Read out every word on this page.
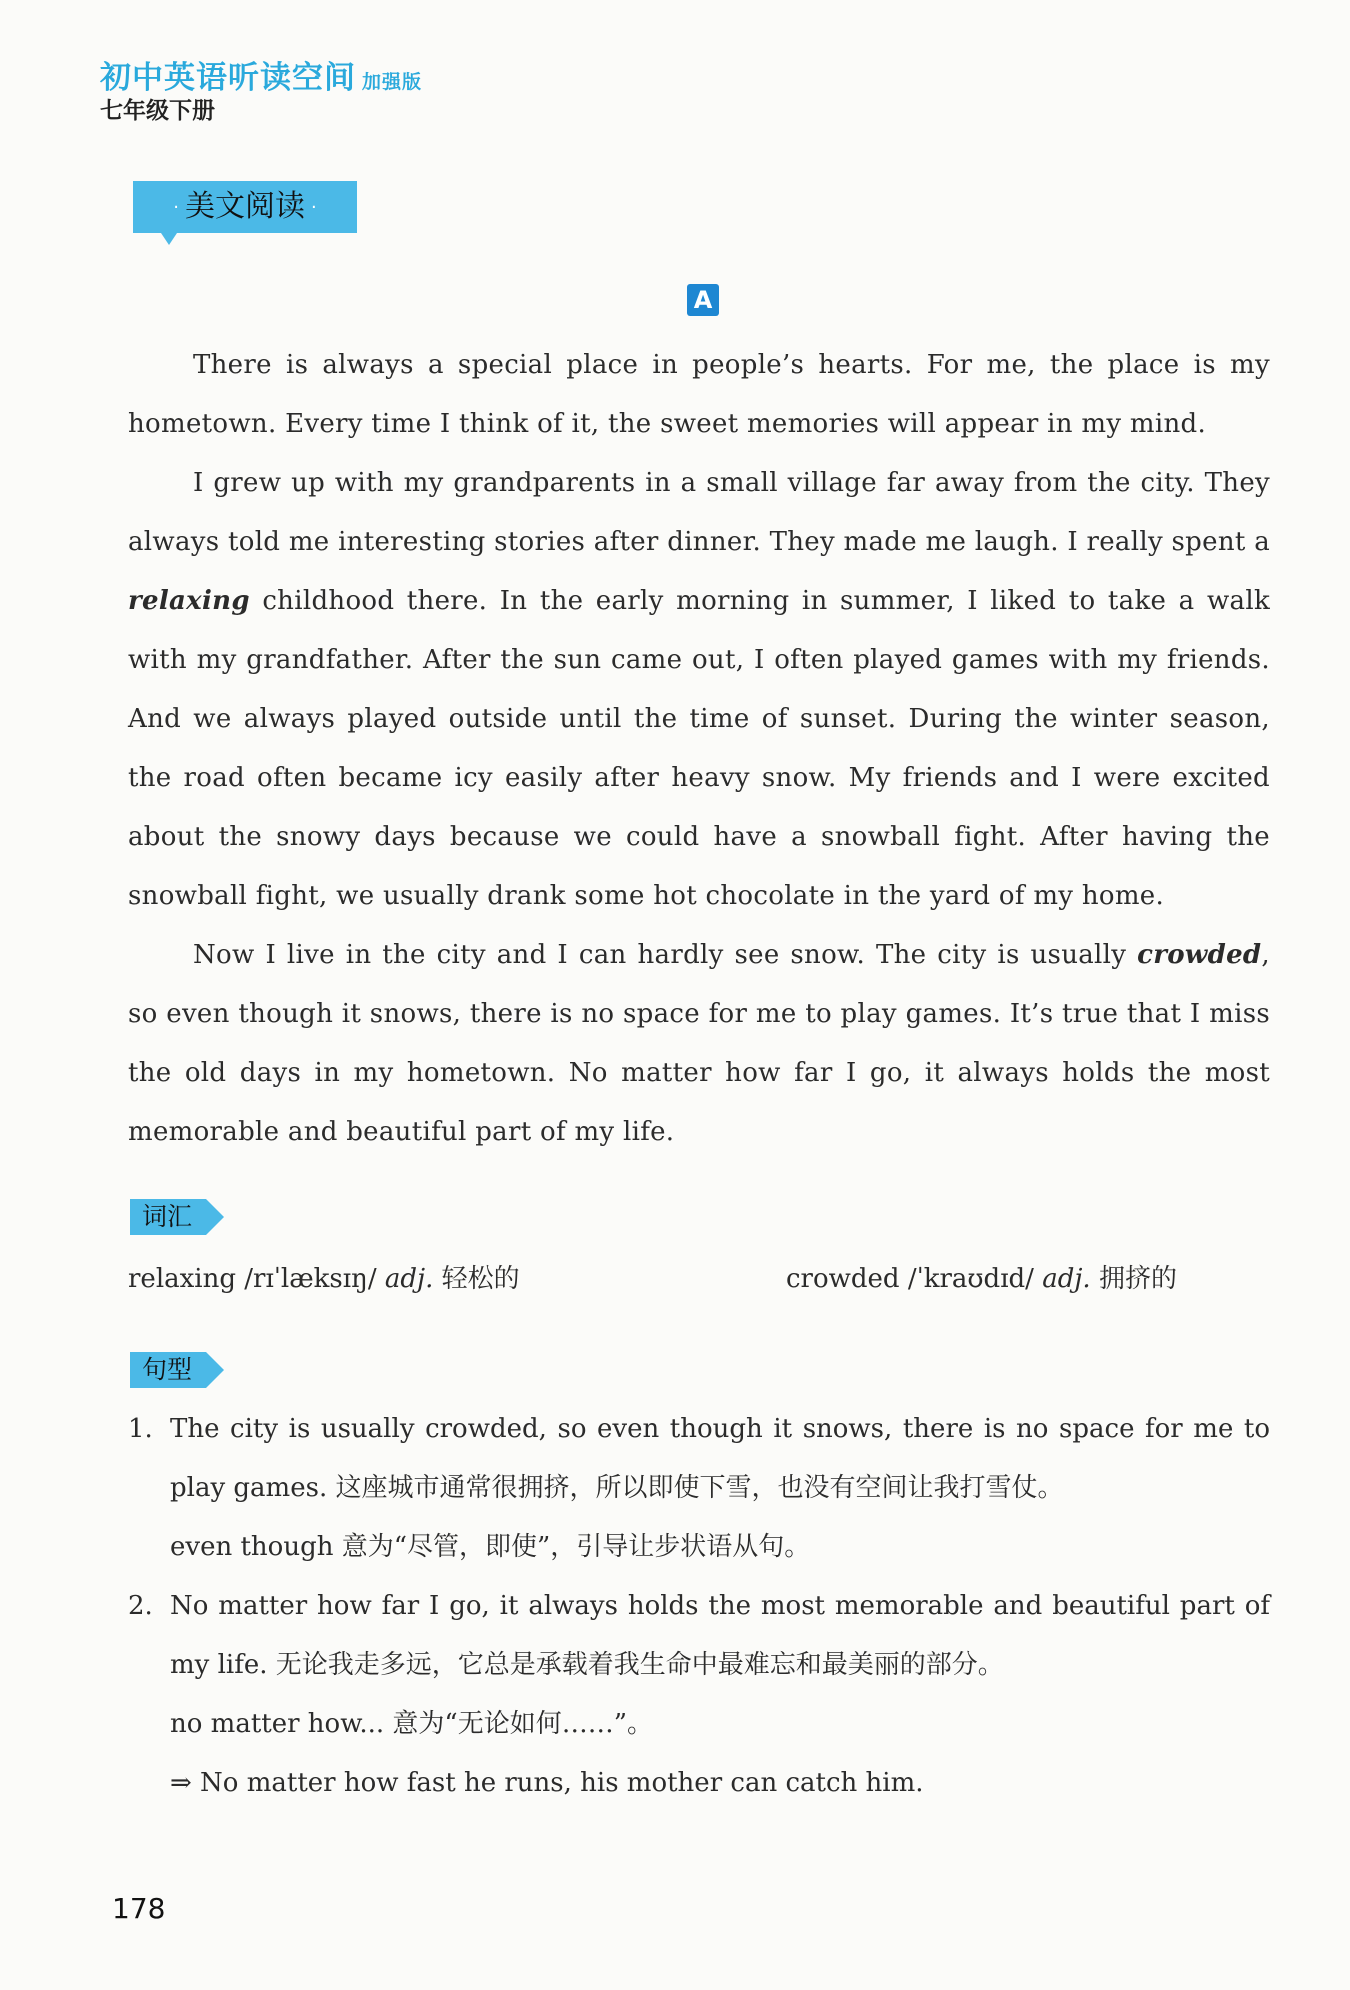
初中英语听读空间 加强版
七年级下册
· 美文阅读 ·
A

There is always a special place in people’s hearts. For me, the place is my hometown. Every time I think of it, the sweet memories will appear in my mind.

I grew up with my grandparents in a small village far away from the city. They always told me interesting stories after dinner. They made me laugh. I really spent a relaxing childhood there. In the early morning in summer, I liked to take a walk with my grandfather. After the sun came out, I often played games with my friends. And we always played outside until the time of sunset. During the winter season, the road often became icy easily after heavy snow. My friends and I were excited about the snowy days because we could have a snowball fight. After having the snowball fight, we usually drank some hot chocolate in the yard of my home.

Now I live in the city and I can hardly see snow. The city is usually crowded, so even though it snows, there is no space for me to play games. It’s true that I miss the old days in my hometown. No matter how far I go, it always holds the most memorable and beautiful part of my life.

词汇
relaxing /rɪˈlæksɪŋ/ adj. 轻松的	crowded /ˈkraʊdɪd/ adj. 拥挤的
句型
1. The city is usually crowded, so even though it snows, there is no space for me to play games. 这座城市通常很拥挤，所以即使下雪，也没有空间让我打雪仗。
even though 意为“尽管，即使”，引导让步状语从句。
2. No matter how far I go, it always holds the most memorable and beautiful part of my life. 无论我走多远，它总是承载着我生命中最难忘和最美丽的部分。
no matter how... 意为“无论如何……”。
⇒ No matter how fast he runs, his mother can catch him.
178
